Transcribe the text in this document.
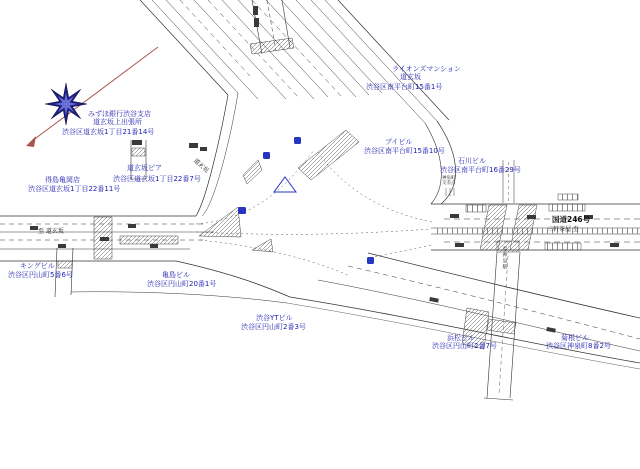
みずほ銀行渋谷支店
道玄坂上出張所
渋谷区道玄坂1丁目21番14号
得島亀岡店
渋谷区道玄坂1丁目22番11号
道玄坂ピア
渋谷区道玄坂1丁目22番7号
ライオンズマンション
道玄坂
渋谷区南平台町15番1号
ブイビル
渋谷区南平台町15番10号
石川ビル
渋谷区南平台町16番29号
キングビル
渋谷区円山町5番6号	亀島ビル
渋谷区円山町20番1号
渋谷YTビル
渋谷区円山町2番3号
浜松ビル
渋谷区円山町2番7号
菊根ビル
渋谷区神泉町8番2号
国道246号
三軒茶屋 至
至 道玄坂
道玄坂
神泉町
交差点
至神泉駅
